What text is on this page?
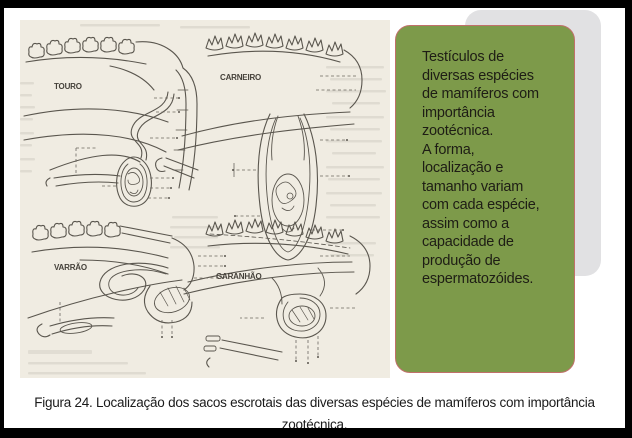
TOURO
CARNEIRO
VARRÃO
GARANHÃO
Testículos de
diversas espécies
de mamíferos com
importância
zootécnica.
A forma,
localização e
tamanho variam
com cada espécie,
assim como a
capacidade de
produção de
espermatozóides.
Figura 24. Localização dos sacos escrotais das diversas espécies de mamíferos com importância
zootécnica.
